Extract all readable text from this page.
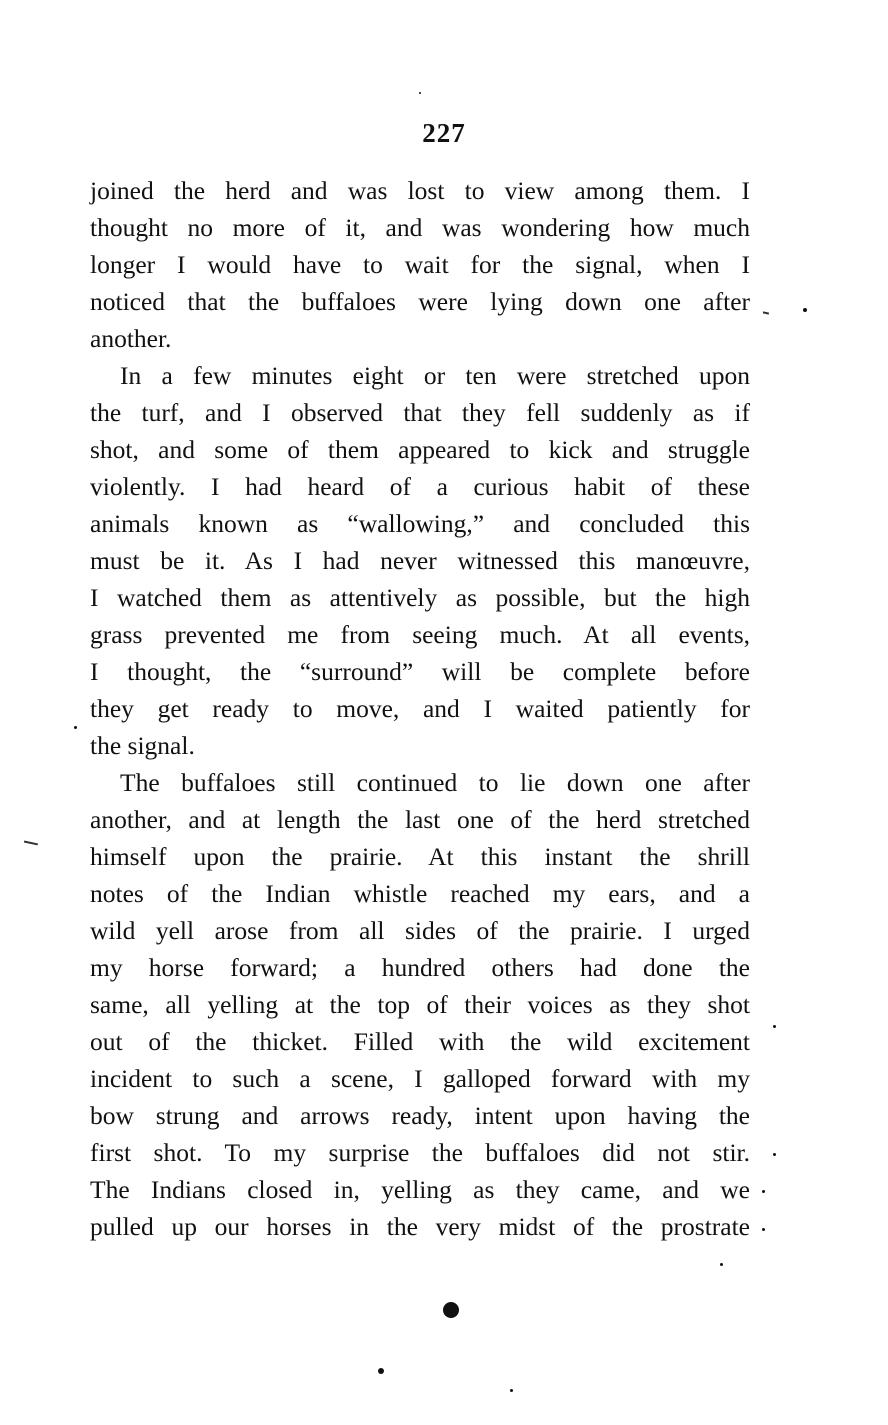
227
joined the herd and was lost to view among them. I
thought no more of it, and was wondering how much
longer I would have to wait for the signal, when I
noticed that the buffaloes were lying down one after
another.
In a few minutes eight or ten were stretched upon
the turf, and I observed that they fell suddenly as if
shot, and some of them appeared to kick and struggle
violently. I had heard of a curious habit of these
animals known as “wallowing,” and concluded this
must be it. As I had never witnessed this manœuvre,
I watched them as attentively as possible, but the high
grass prevented me from seeing much. At all events,
I thought, the “surround” will be complete before
they get ready to move, and I waited patiently for
the signal.
The buffaloes still continued to lie down one after
another, and at length the last one of the herd stretched
himself upon the prairie. At this instant the shrill
notes of the Indian whistle reached my ears, and a
wild yell arose from all sides of the prairie. I urged
my horse forward; a hundred others had done the
same, all yelling at the top of their voices as they shot
out of the thicket. Filled with the wild excitement
incident to such a scene, I galloped forward with my
bow strung and arrows ready, intent upon having the
first shot. To my surprise the buffaloes did not stir.
The Indians closed in, yelling as they came, and we
pulled up our horses in the very midst of the prostrate
